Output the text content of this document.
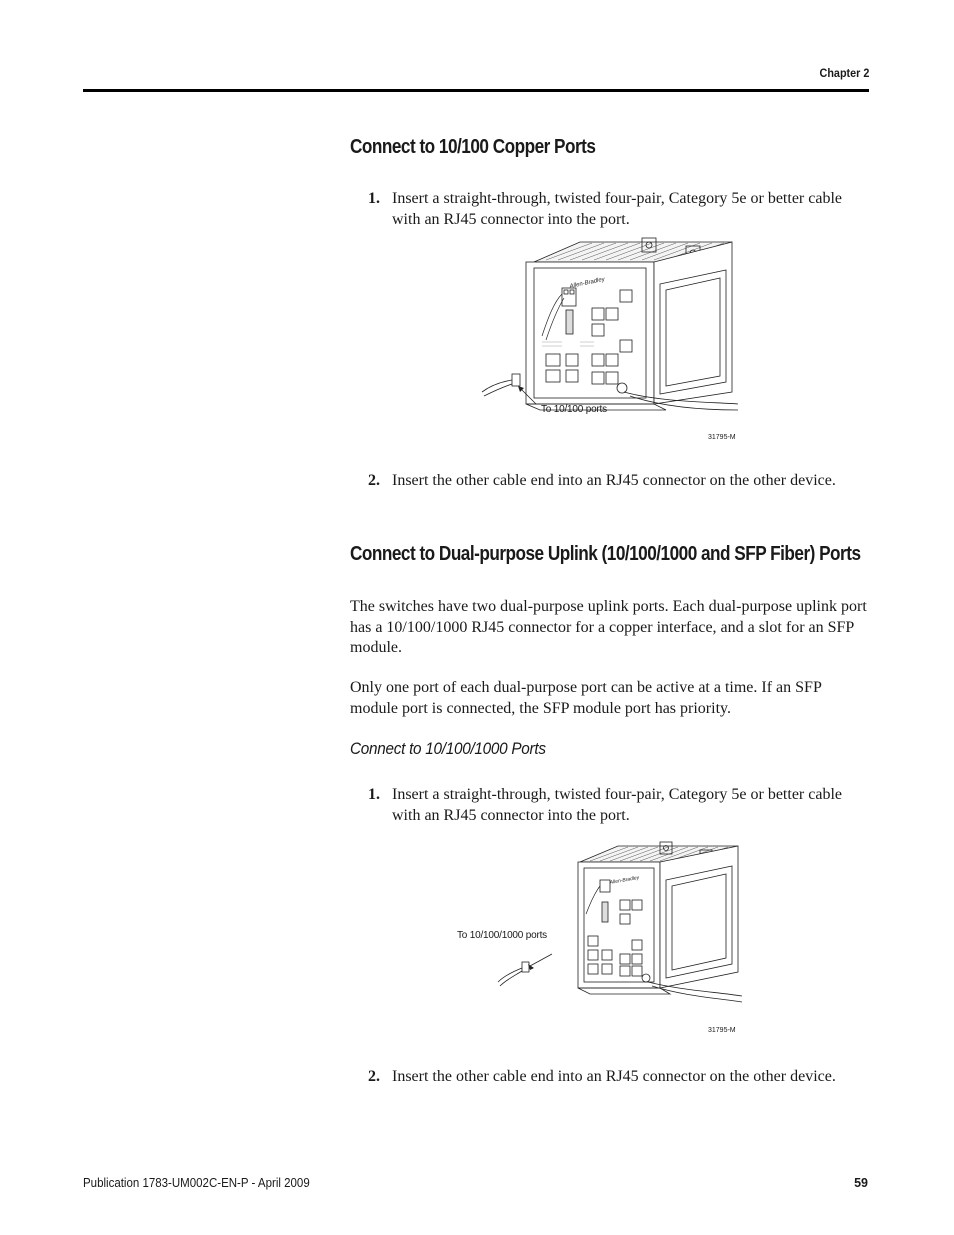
Chapter 2
Connect to 10/100 Copper Ports
1. Insert a straight-through, twisted four-pair, Category 5e or better cable with an RJ45 connector into the port.
Allen-Bradley
To 10/100 ports
31795-M
2. Insert the other cable end into an RJ45 connector on the other device.
Connect to Dual-purpose Uplink (10/100/1000 and SFP Fiber) Ports
The switches have two dual-purpose uplink ports. Each dual-purpose uplink port has a 10/100/1000 RJ45 connector for a copper interface, and a slot for an SFP module.
Only one port of each dual-purpose port can be active at a time. If an SFP module port is connected, the SFP module port has priority.
Connect to 10/100/1000 Ports
1. Insert a straight-through, twisted four-pair, Category 5e or better cable with an RJ45 connector into the port.
Allen-Bradley
To 10/100/1000 ports
31795-M
2. Insert the other cable end into an RJ45 connector on the other device.
Publication 1783-UM002C-EN-P - April 2009	59
